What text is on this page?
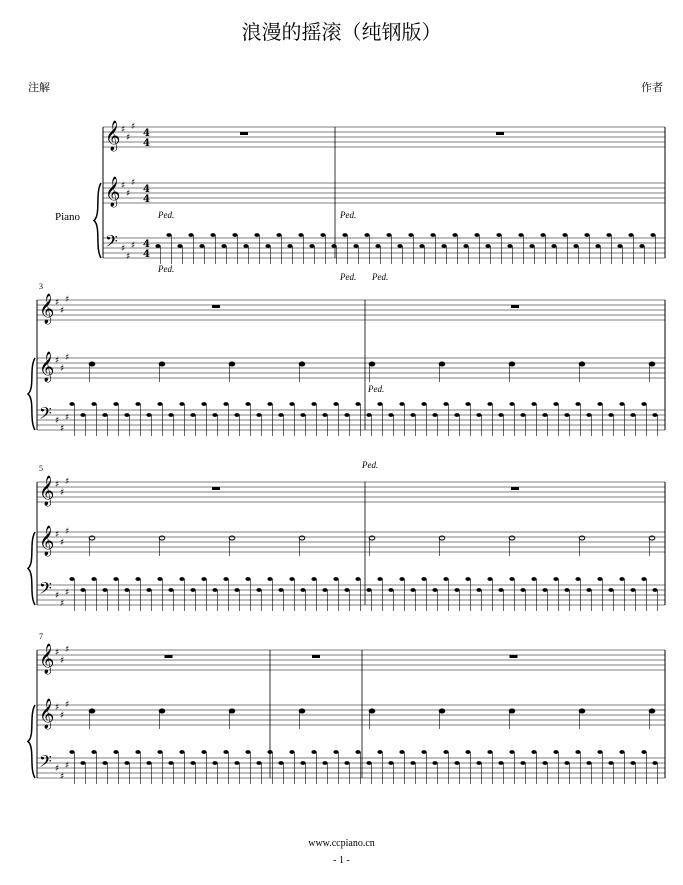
浪漫的摇滚（纯钢版）
注解	作者
Piano
3
5
7
Ped.
Ped.
Ped.
Ped. Ped.
Ped.
Ped.
𝄞 ♯
♯
♯
4
4
𝄞 ♯
♯
♯
4
4
𝄢 ♯
♯
♯ 4
4
𝄞 ♯
♯
♯
𝄞 ♯
♯
♯
𝄢 ♯
♯
♯
𝄞 ♯
♯
♯
𝄞 ♯
♯
♯
𝄢 ♯
♯
♯
𝄞 ♯
♯
♯
𝄞 ♯
♯
♯
𝄢 ♯
♯
♯
www.ccpiano.cn
- 1 -
